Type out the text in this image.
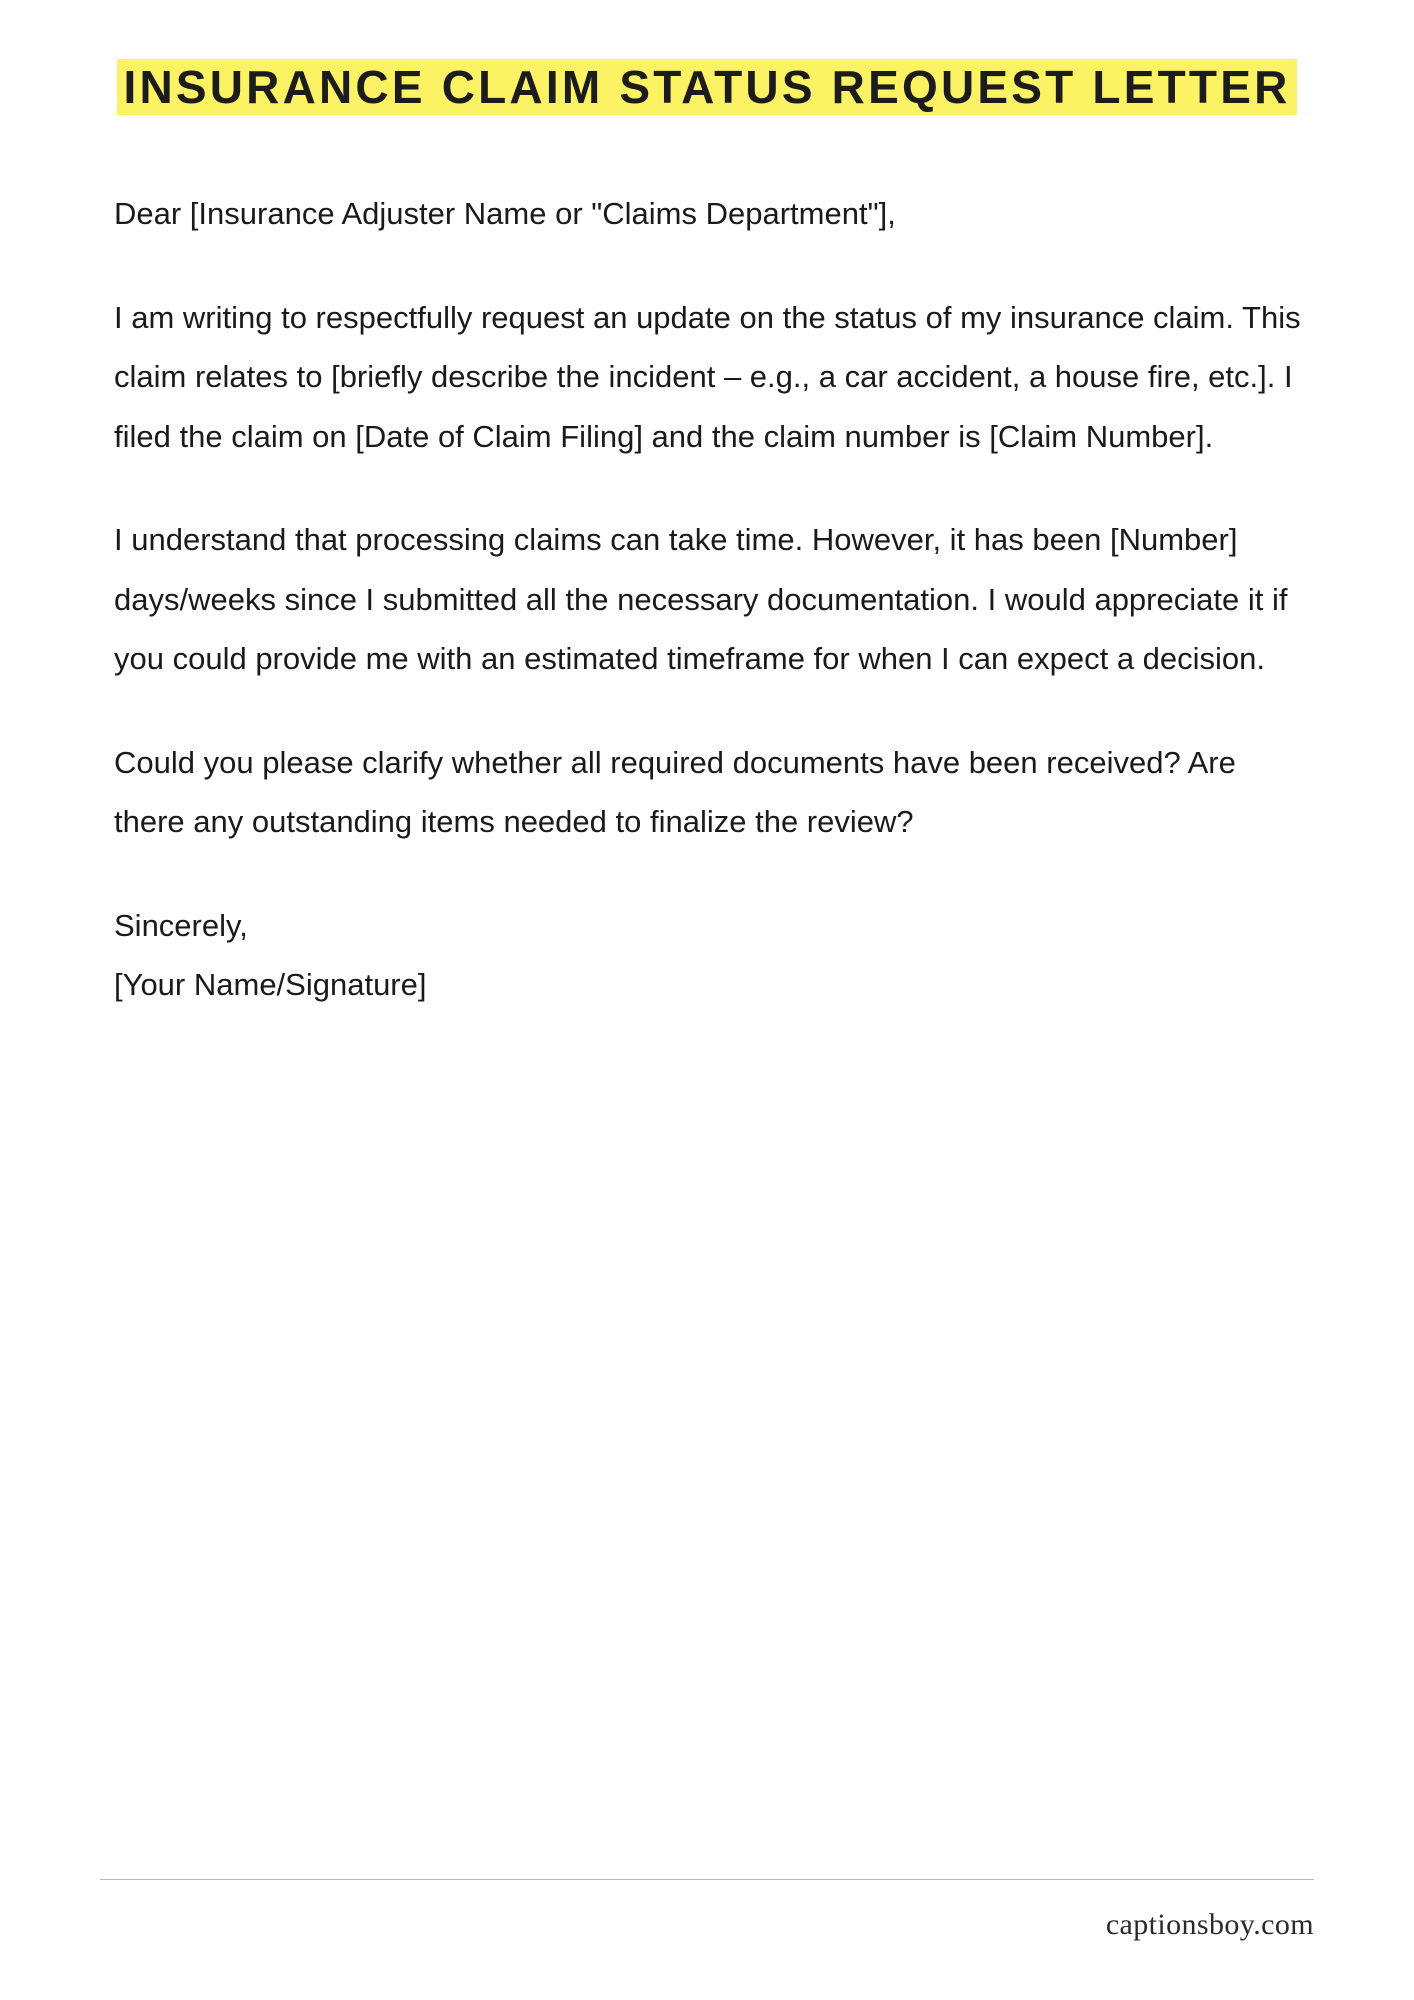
INSURANCE CLAIM STATUS REQUEST LETTER

Dear [Insurance Adjuster Name or "Claims Department"],

I am writing to respectfully request an update on the status of my insurance claim. This claim relates to [briefly describe the incident – e.g., a car accident, a house fire, etc.]. I filed the claim on [Date of Claim Filing] and the claim number is [Claim Number].

I understand that processing claims can take time. However, it has been [Number] days/weeks since I submitted all the necessary documentation. I would appreciate it if you could provide me with an estimated timeframe for when I can expect a decision.

Could you please clarify whether all required documents have been received? Are there any outstanding items needed to finalize the review?

Sincerely,

[Your Name/Signature]

captionsboy.com
